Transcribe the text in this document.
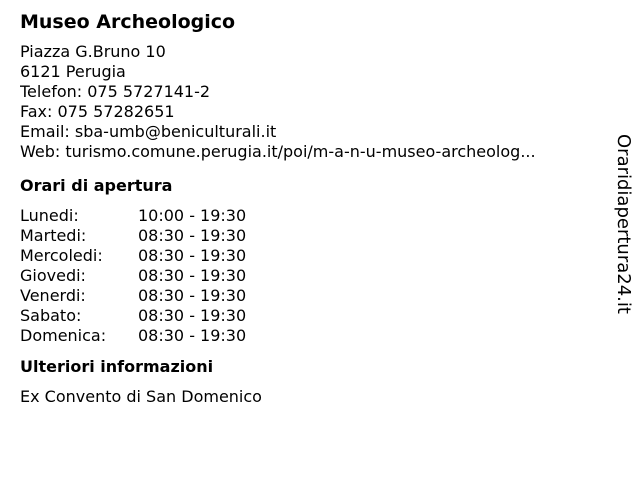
Museo Archeologico
Piazza G.Bruno 10
6121 Perugia
Telefon: 075 5727141-2
Fax: 075 57282651
Email: sba-umb@beniculturali.it
Web: turismo.comune.perugia.it/poi/m-a-n-u-museo-archeolog...
Orari di apertura
Lunedi:	10:00 - 19:30
Martedi:	08:30 - 19:30
Mercoledi:	08:30 - 19:30
Giovedi:	08:30 - 19:30
Venerdi:	08:30 - 19:30
Sabato:	08:30 - 19:30
Domenica:	08:30 - 19:30
Ulteriori informazioni
Ex Convento di San Domenico
Oraridiapertura24.it
